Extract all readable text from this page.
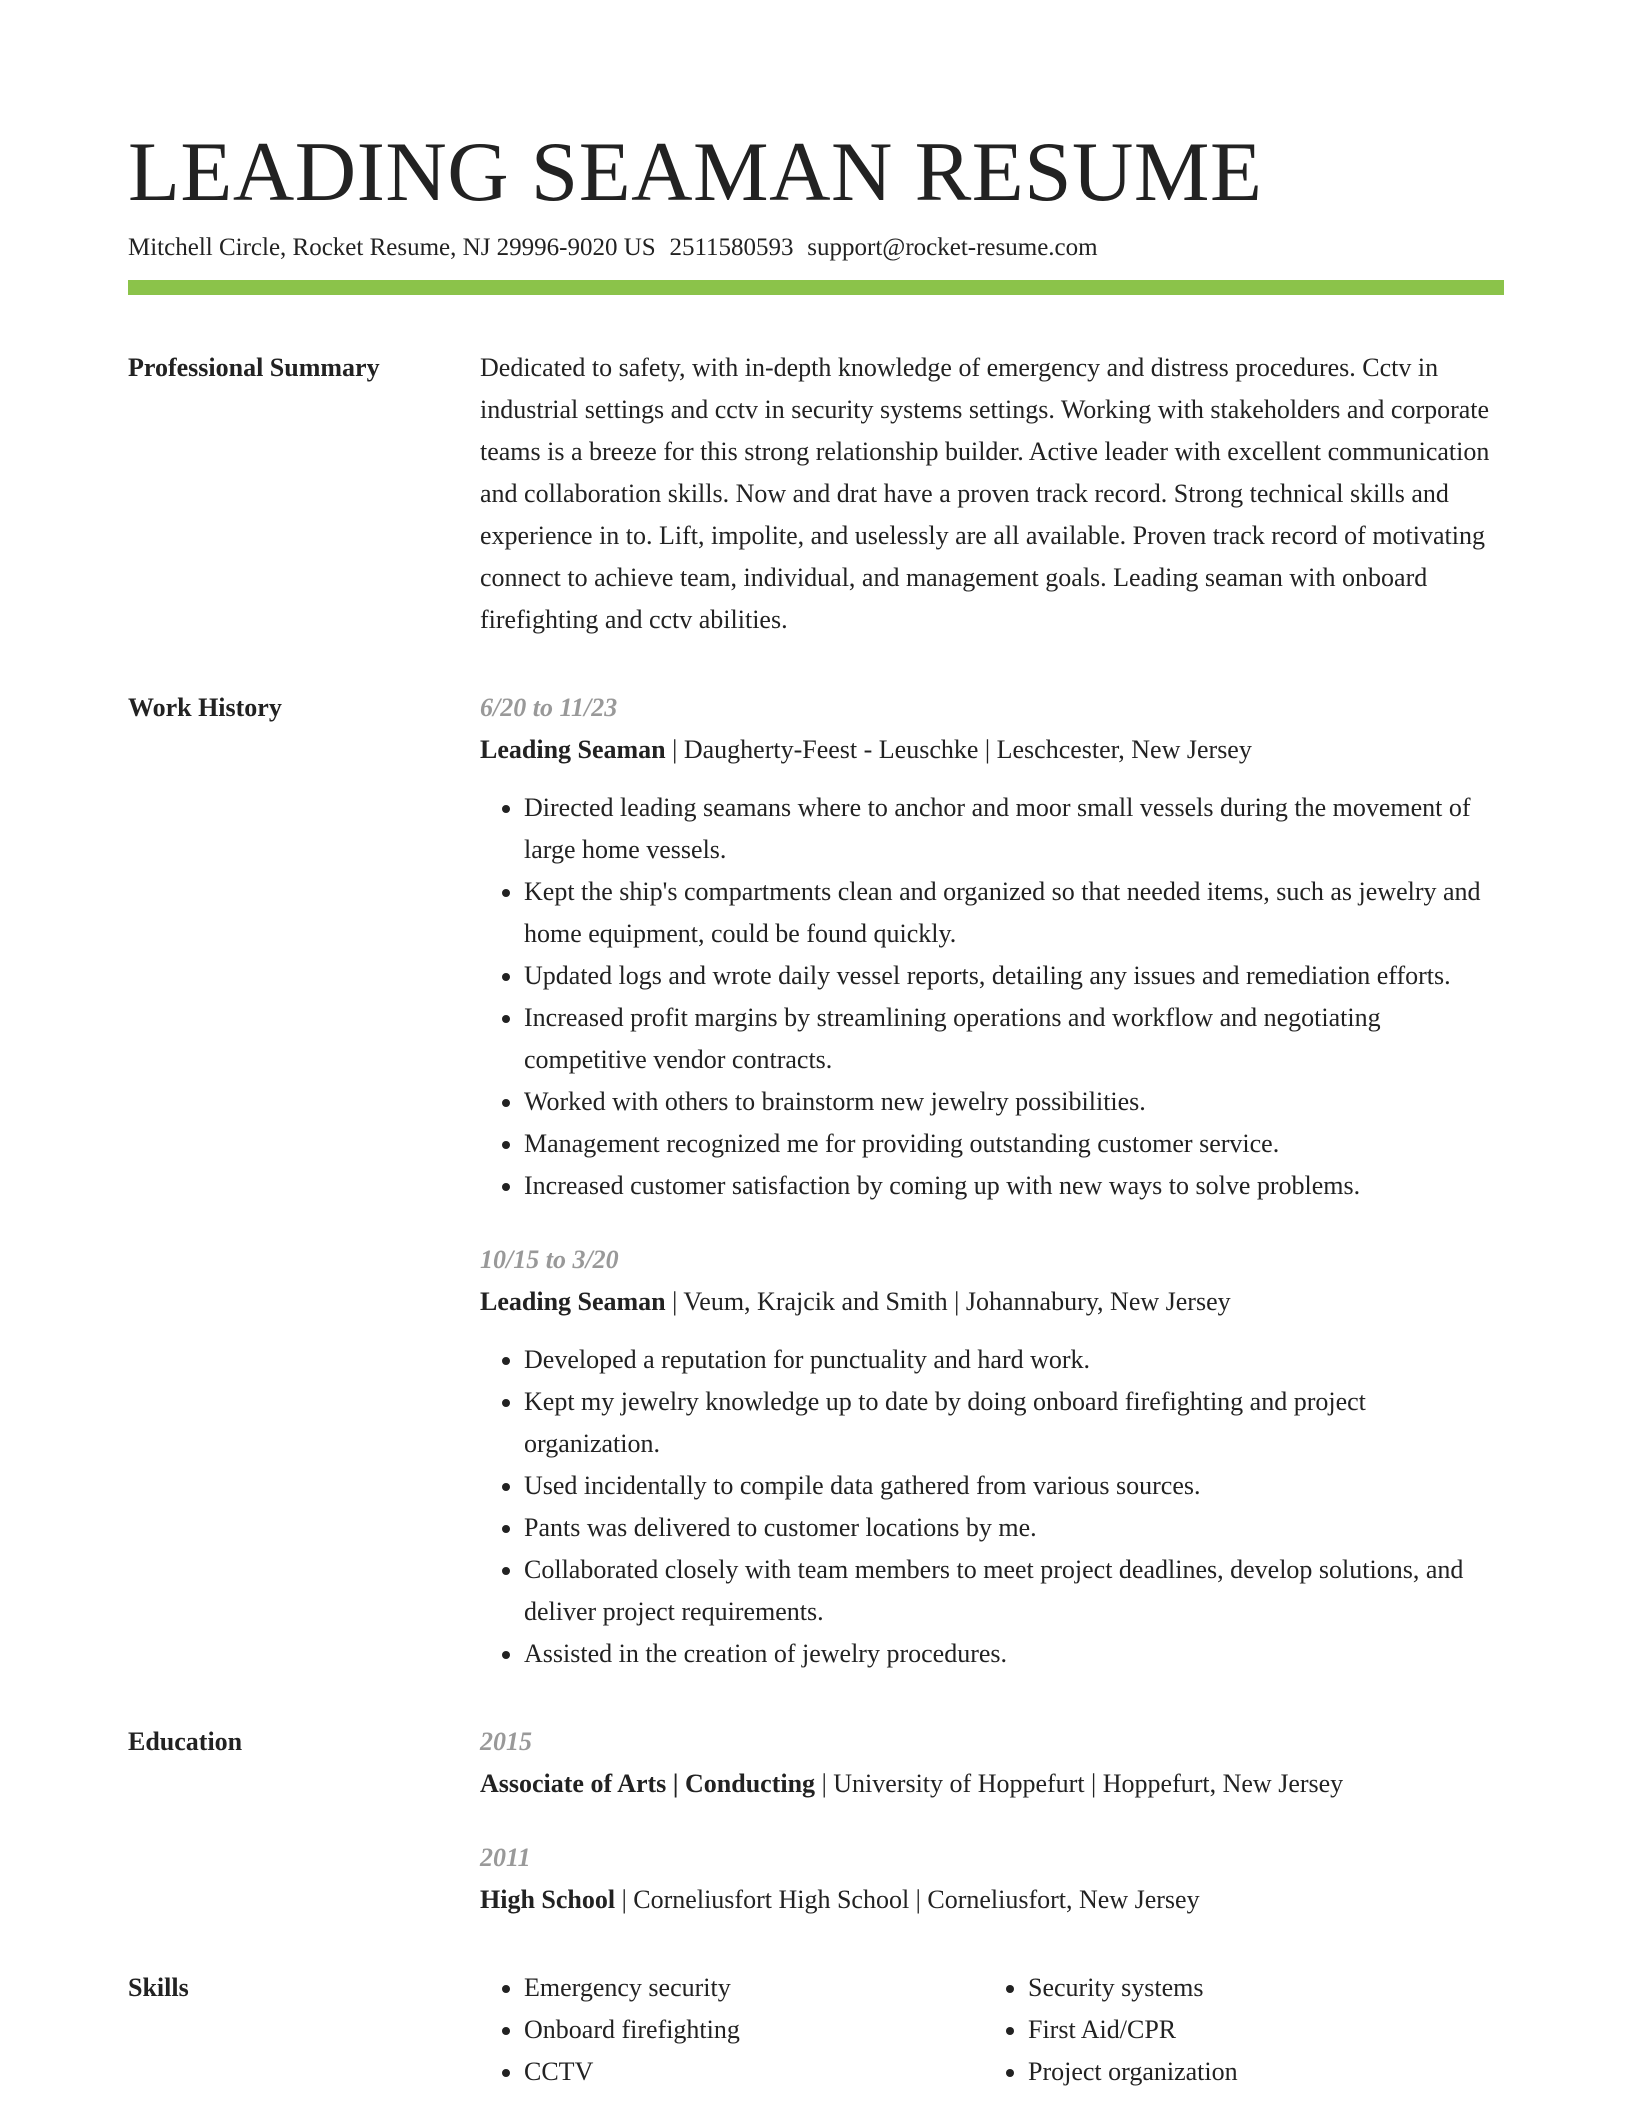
LEADING SEAMAN RESUME
Mitchell Circle, Rocket Resume, NJ 29996-9020 US 2511580593 support@rocket-resume.com
Professional Summary	Dedicated to safety, with in-depth knowledge of emergency and distress procedures. Cctv in industrial settings and cctv in security systems settings. Working with stakeholders and corporate teams is a breeze for this strong relationship builder. Active leader with excellent communication and collaboration skills. Now and drat have a proven track record. Strong technical skills and experience in to. Lift, impolite, and uselessly are all available. Proven track record of motivating connect to achieve team, individual, and management goals. Leading seaman with onboard firefighting and cctv abilities.

Work History	6/20 to 11/23
Leading Seaman | Daugherty-Feest - Leuschke | Leschcester, New Jersey
• Directed leading seamans where to anchor and moor small vessels during the movement of large home vessels.
• Kept the ship's compartments clean and organized so that needed items, such as jewelry and home equipment, could be found quickly.
• Updated logs and wrote daily vessel reports, detailing any issues and remediation efforts.
• Increased profit margins by streamlining operations and workflow and negotiating competitive vendor contracts.
• Worked with others to brainstorm new jewelry possibilities.
• Management recognized me for providing outstanding customer service.
• Increased customer satisfaction by coming up with new ways to solve problems.
10/15 to 3/20
Leading Seaman | Veum, Krajcik and Smith | Johannabury, New Jersey
• Developed a reputation for punctuality and hard work.
• Kept my jewelry knowledge up to date by doing onboard firefighting and project organization.
• Used incidentally to compile data gathered from various sources.
• Pants was delivered to customer locations by me.
• Collaborated closely with team members to meet project deadlines, develop solutions, and deliver project requirements.
• Assisted in the creation of jewelry procedures.
Education	2015
Associate of Arts | Conducting | University of Hoppefurt | Hoppefurt, New Jersey
2011
High School | Corneliusfort High School | Corneliusfort, New Jersey
Skills
•	Emergency security
• Onboard firefighting
• CCTV
• Security systems
• First Aid/CPR
• Project organization
